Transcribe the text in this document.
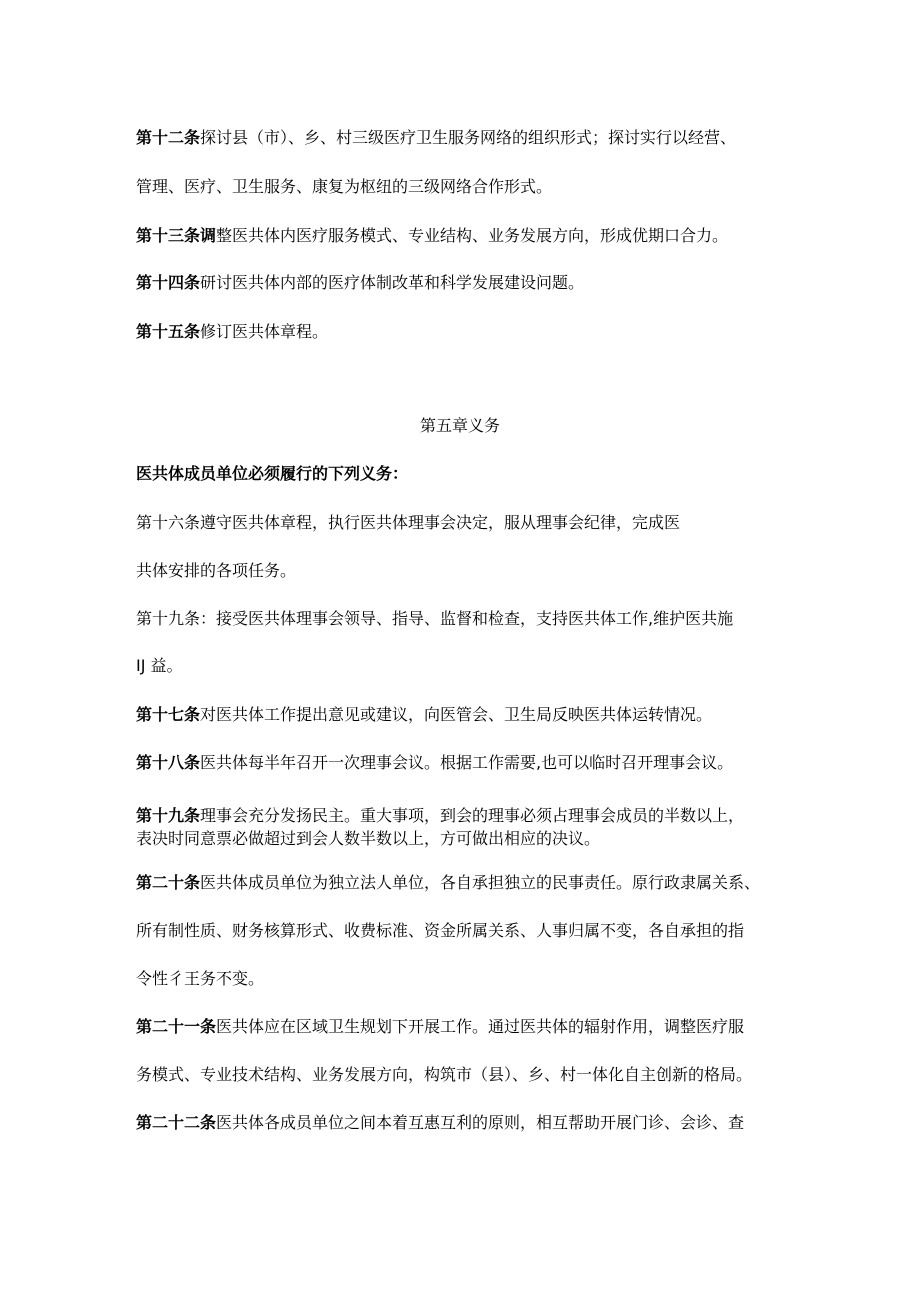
第十二条探讨县（市）、乡、村三级医疗卫生服务网络的组织形式；探讨实行以经营、
管理、医疗、卫生服务、康复为枢纽的三级网络合作形式。
第十三条调整医共体内医疗服务模式、专业结构、业务发展方向，形成优期口合力。
第十四条研讨医共体内部的医疗体制改革和科学发展建设问题。
第十五条修订医共体章程。
第五章义务
医共体成员单位必须履行的下列义务：
第十六条遵守医共体章程，执行医共体理事会决定，服从理事会纪律，完成医
共体安排的各项任务。
第十九条：接受医共体理事会领导、指导、监督和检查，支持医共体工作,维护医共施
IJ 益。
第十七条对医共体工作提出意见或建议，向医管会、卫生局反映医共体运转情况。
第十八条医共体每半年召开一次理事会议。根据工作需要,也可以临时召开理事会议。
第十九条理事会充分发扬民主。重大事项，到会的理事必须占理事会成员的半数以上，
表决时同意票必做超过到会人数半数以上，方可做出相应的决议。
第二十条医共体成员单位为独立法人单位，各自承担独立的民事责任。原行政隶属关系、
所有制性质、财务核算形式、收费标准、资金所属关系、人事归属不变，各自承担的指
令性彳王务不变。
第二十一条医共体应在区域卫生规划下开展工作。通过医共体的辐射作用，调整医疗服
务模式、专业技术结构、业务发展方向，构筑市（县）、乡、村一体化自主创新的格局。
第二十二条医共体各成员单位之间本着互惠互利的原则，相互帮助开展门诊、会诊、查
